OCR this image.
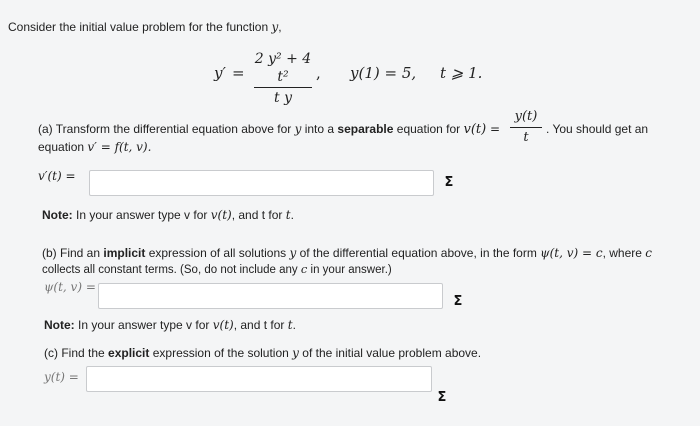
Consider the initial value problem for the function y,
y′ =
2 y² + 4 t²
t y
, y(1) = 5, t ⩾ 1.
(a) Transform the differential equation above for y into a separable equation for v(t) =
y(t)
t
. You should get an
equation v′ = f(t, v).
v′(t) =	Σ
Note: In your answer type v for v(t), and t for t.
(b) Find an implicit expression of all solutions y of the differential equation above, in the form ψ(t, v) = c, where c
collects all constant terms. (So, do not include any c in your answer.)
ψ(t, v) =
Σ
Note: In your answer type v for v(t), and t for t.
(c) Find the explicit expression of the solution y of the initial value problem above.
y(t) =
Σ
